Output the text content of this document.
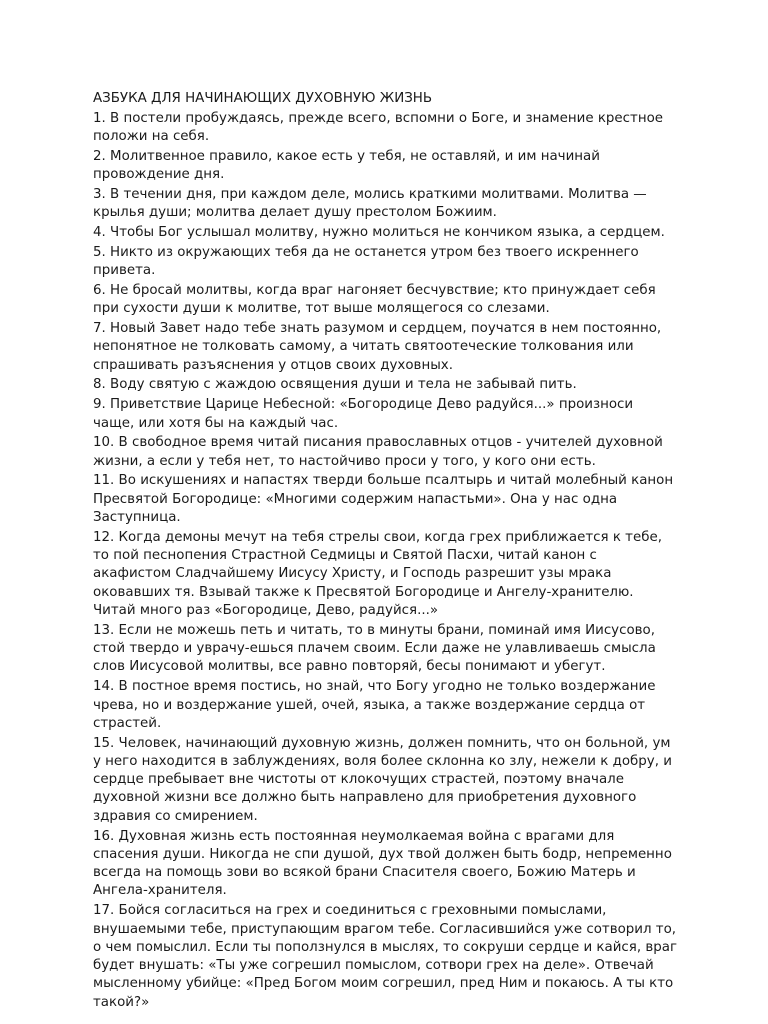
АЗБУКА ДЛЯ НАЧИНАЮЩИХ ДУХОВНУЮ ЖИЗНЬ
1. В постели пробуждаясь, прежде всего, вспомни о Боге, и знамение крестное положи на себя.
2. Молитвенное правило, какое есть у тебя, не оставляй, и им начинай провождение дня.
3. В течении дня, при каждом деле, молись краткими молитвами. Молитва — крылья души; молитва делает душу престолом Божиим.
4. Чтобы Бог услышал молитву, нужно молиться не кончиком языка, а сердцем.
5. Никто из окружающих тебя да не останется утром без твоего искреннего привета.
6. Не бросай молитвы, когда враг нагоняет бесчувствие; кто принуждает себя при сухости души к молитве, тот выше молящегося со слезами.
7. Новый Завет надо тебе знать разумом и сердцем, поучатся в нем постоянно, непонятное не толковать самому, а читать святоотеческие толкования или спрашивать разъяснения у отцов своих духовных.
8. Воду святую с жаждою освящения души и тела не забывай пить.
9. Приветствие Царице Небесной: «Богородице Дево радуйся...» произноси чаще, или хотя бы на каждый час.
10. В свободное время читай писания православных отцов - учителей духовной жизни, а если у тебя нет, то настойчиво проси у того, у кого они есть.
11. Во искушениях и напастях тверди больше псалтырь и читай молебный канон Пресвятой Богородице: «Многими содержим напастьми». Она у нас одна Заступница.
12. Когда демоны мечут на тебя стрелы свои, когда грех приближается к тебе, то пой песнопения Страстной Седмицы и Святой Пасхи, читай канон с акафистом Сладчайшему Иисусу Христу, и Господь разрешит узы мрака оковавших тя. Взывай также к Пресвятой Богородице и Ангелу-хранителю. Читай много раз «Богородице, Дево, радуйся...»
13. Если не можешь петь и читать, то в минуты брани, поминай имя Иисусово, стой твердо и уврачу-ешься плачем своим. Если даже не улавливаешь смысла слов Иисусовой молитвы, все равно повторяй, бесы понимают и убегут.
14. В постное время постись, но знай, что Богу угодно не только воздержание чрева, но и воздержание ушей, очей, языка, а также воздержание сердца от страстей.
15. Человек, начинающий духовную жизнь, должен помнить, что он больной, ум у него находится в заблуждениях, воля более склонна ко злу, нежели к добру, и сердце пребывает вне чистоты от клокочущих страстей, поэтому вначале духовной жизни все должно быть направлено для приобретения духовного здравия со смирением.
16. Духовная жизнь есть постоянная неумолкаемая война с врагами для спасения души. Никогда не спи душой, дух твой должен быть бодр, непременно всегда на помощь зови во всякой брани Спасителя своего, Божию Матерь и Ангела-хранителя.
17. Бойся согласиться на грех и соединиться с греховными помыслами, внушаемыми тебе, приступающим врагом тебе. Согласившийся уже сотворил то, о чем помыслил. Если ты поползнулся в мыслях, то сокруши сердце и кайся, враг будет внушать: «Ты уже согрешил помыслом, сотвори грех на деле». Отвечай мысленному убийце: «Пред Богом моим согрешил, пред Ним и покаюсь. А ты кто такой?»
